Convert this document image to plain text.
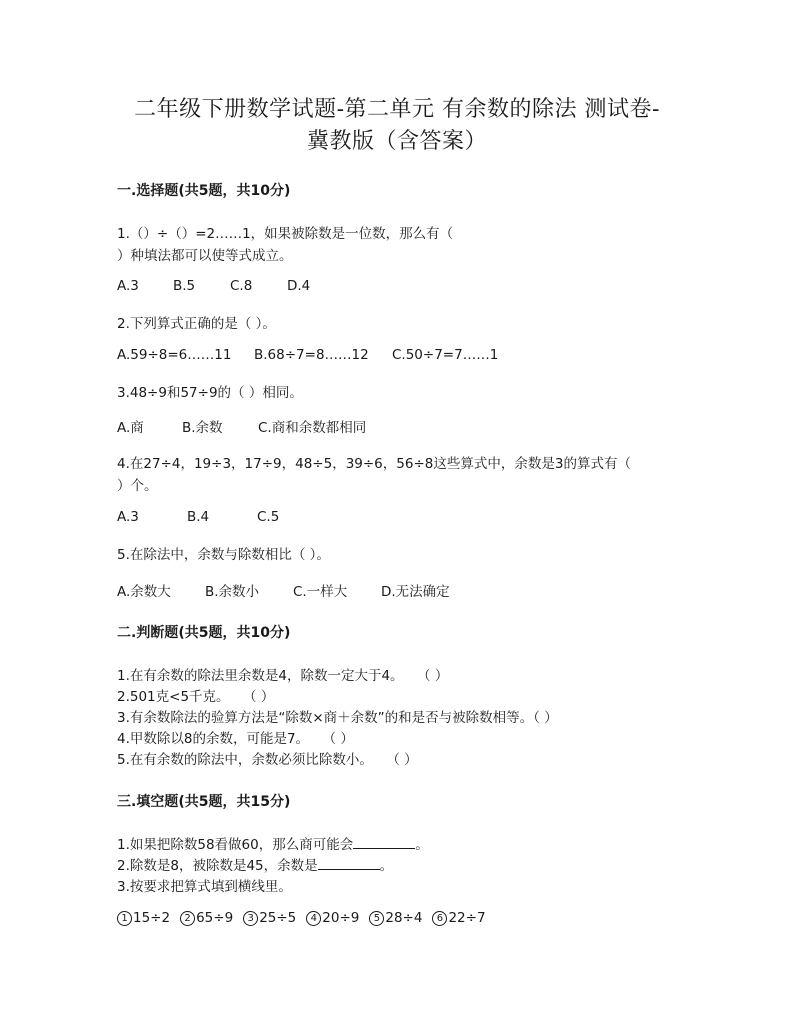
二年级下册数学试题-第二单元 有余数的除法 测试卷-
冀教版（含答案）
一.选择题(共5题，共10分)
1.（）÷（）=2……1，如果被除数是一位数，那么有（
）种填法都可以使等式成立。
A.3	B.5	C.8	D.4
2.下列算式正确的是（ ）。
A.59÷8=6……11 B.68÷7=8……12 C.50÷7=7……1
3.48÷9和57÷9的（ ）相同。
A.商	B.余数	C.商和余数都相同
4.在27÷4，19÷3，17÷9，48÷5，39÷6，56÷8这些算式中，余数是3的算式有（
）个。
A.3	B.4	C.5
5.在除法中，余数与除数相比（ ）。
A.余数大	B.余数小	C.一样大	D.无法确定
二.判断题(共5题，共10分)
1.在有余数的除法里余数是4，除数一定大于4。　　（ ）
2.501克<5千克。　　（ ）
3.有余数除法的验算方法是“除数×商＋余数”的和是否与被除数相等。（ ）
4.甲数除以8的余数，可能是7。　　（ ）
5.在有余数的除法中，余数必须比除数小。　　（ ）
三.填空题(共5题，共15分)
1.如果把除数58看做60，那么商可能会	。
2.除数是8，被除数是45，余数是	。
3.按要求把算式填到横线里。
1 15÷2 2 65÷9 3 25÷5 4 20÷9 5 28÷4 6 22÷7
